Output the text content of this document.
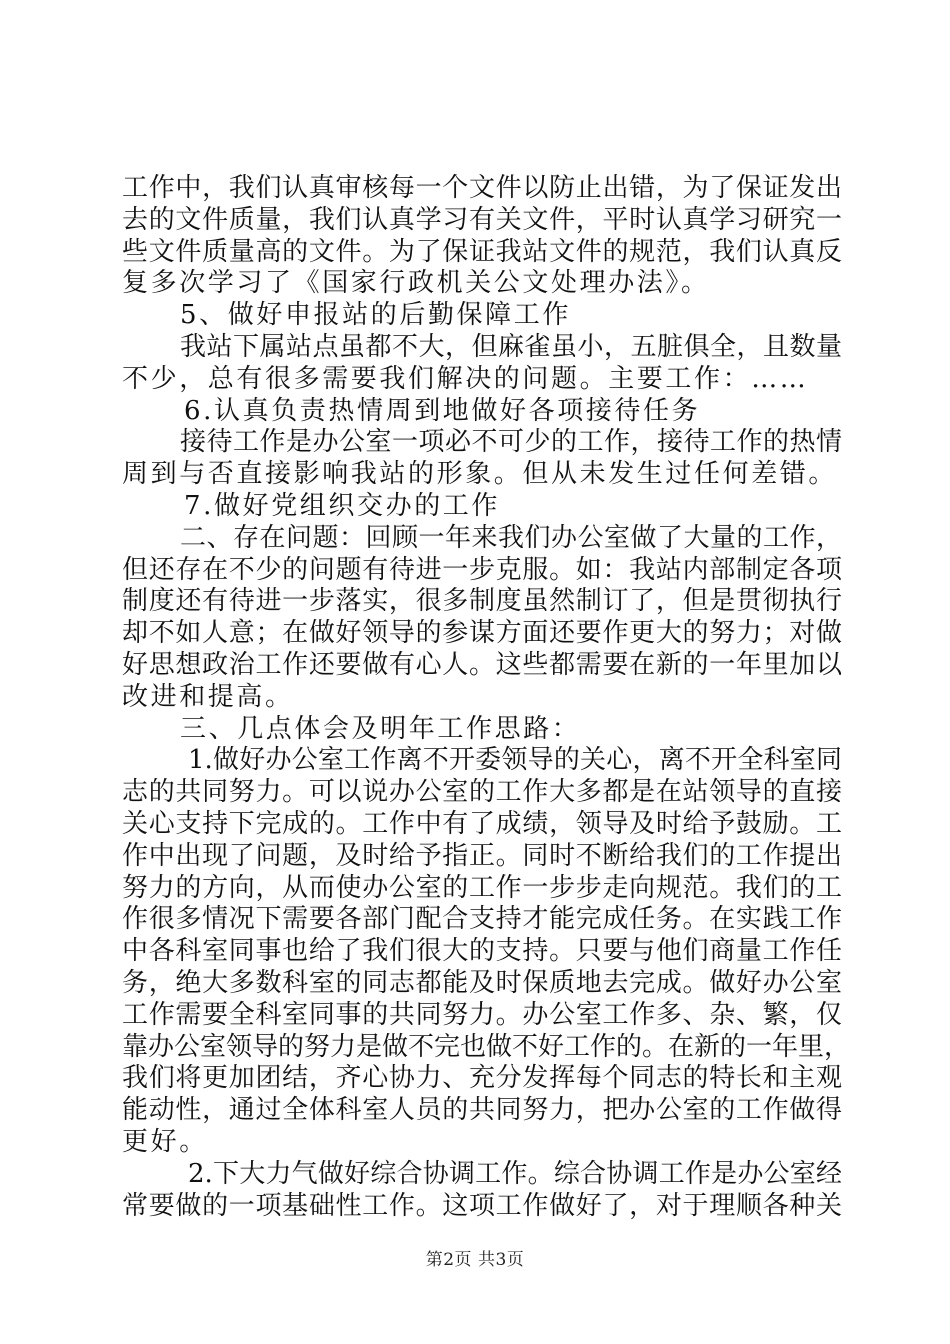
工作中，我们认真审核每一个文件以防止出错，为了保证发出
去的文件质量，我们认真学习有关文件，平时认真学习研究一
些文件质量高的文件。为了保证我站文件的规范，我们认真反
复多次学习了《国家行政机关公文处理办法》。
5、做好申报站的后勤保障工作
我站下属站点虽都不大，但麻雀虽小，五脏俱全，且数量
不少，总有很多需要我们解决的问题。主要工作：……
6.认真负责热情周到地做好各项接待任务
接待工作是办公室一项必不可少的工作，接待工作的热情
周到与否直接影响我站的形象。但从未发生过任何差错。
7.做好党组织交办的工作
二、存在问题：回顾一年来我们办公室做了大量的工作，
但还存在不少的问题有待进一步克服。如：我站内部制定各项
制度还有待进一步落实，很多制度虽然制订了，但是贯彻执行
却不如人意；在做好领导的参谋方面还要作更大的努力；对做
好思想政治工作还要做有心人。这些都需要在新的一年里加以
改进和提高。
三、几点体会及明年工作思路：
1.做好办公室工作离不开委领导的关心，离不开全科室同
志的共同努力。可以说办公室的工作大多都是在站领导的直接
关心支持下完成的。工作中有了成绩，领导及时给予鼓励。工
作中出现了问题，及时给予指正。同时不断给我们的工作提出
努力的方向，从而使办公室的工作一步步走向规范。我们的工
作很多情况下需要各部门配合支持才能完成任务。在实践工作
中各科室同事也给了我们很大的支持。只要与他们商量工作任
务，绝大多数科室的同志都能及时保质地去完成。做好办公室
工作需要全科室同事的共同努力。办公室工作多、杂、繁，仅
靠办公室领导的努力是做不完也做不好工作的。在新的一年里，
我们将更加团结，齐心协力、充分发挥每个同志的特长和主观
能动性，通过全体科室人员的共同努力，把办公室的工作做得
更好。
2.下大力气做好综合协调工作。综合协调工作是办公室经
常要做的一项基础性工作。这项工作做好了，对于理顺各种关
第2页 共3页
